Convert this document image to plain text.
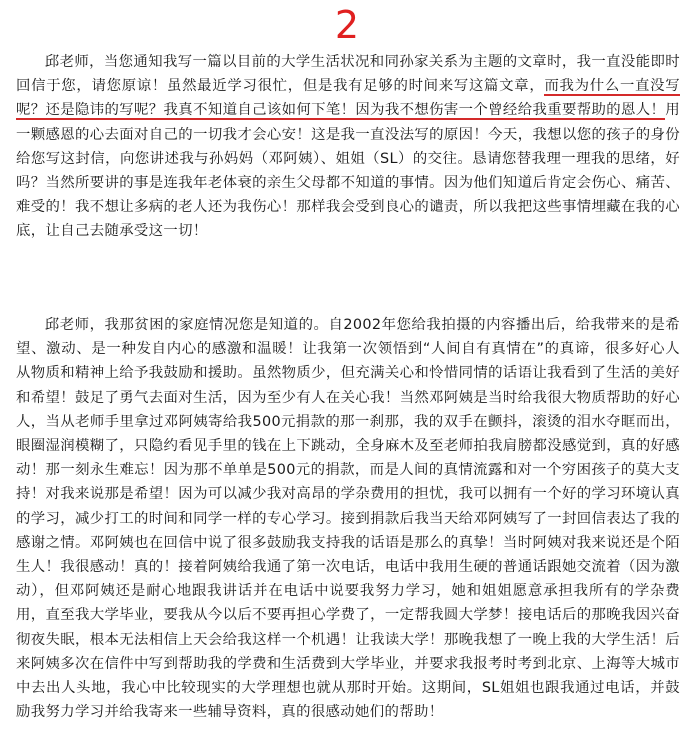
2

邱老师，当您通知我写一篇以目前的大学生活状况和同孙家关系为主题的文章时，我一直没能即时回信于您，请您原谅！虽然最近学习很忙，但是我有足够的时间来写这篇文章，而我为什么一直没写呢？还是隐讳的写呢？我真不知道自己该如何下笔！因为我不想伤害一个曾经给我重要帮助的恩人！用一颗感恩的心去面对自己的一切我才会心安！这是我一直没法写的原因！今天，我想以您的孩子的身份给您写这封信，向您讲述我与孙妈妈（邓阿姨）、姐姐（SL）的交往。恳请您替我理一理我的思绪，好吗？当然所要讲的事是连我年老体衰的亲生父母都不知道的事情。因为他们知道后肯定会伤心、痛苦、难受的！我不想让多病的老人还为我伤心！那样我会受到良心的谴责，所以我把这些事情埋藏在我的心底，让自己去随承受这一切！

邱老师，我那贫困的家庭情况您是知道的。自2002年您给我拍摄的内容播出后，给我带来的是希望、激动、是一种发自内心的感激和温暖！让我第一次领悟到“人间自有真情在”的真谛，很多好心人从物质和精神上给予我鼓励和援助。虽然物质少，但充满关心和怜惜同情的话语让我看到了生活的美好和希望！鼓足了勇气去面对生活，因为至少有人在关心我！当然邓阿姨是当时给我很大物质帮助的好心人，当从老师手里拿过邓阿姨寄给我500元捐款的那一刹那，我的双手在颤抖，滚烫的泪水夺眶而出，眼圈湿润模糊了，只隐约看见手里的钱在上下跳动，全身麻木及至老师拍我肩膀都没感觉到，真的好感动！那一刻永生难忘！因为那不单单是500元的捐款，而是人间的真情流露和对一个穷困孩子的莫大支持！对我来说那是希望！因为可以减少我对高昂的学杂费用的担忧，我可以拥有一个好的学习环境认真的学习，减少打工的时间和同学一样的专心学习。接到捐款后我当天给邓阿姨写了一封回信表达了我的感谢之情。邓阿姨也在回信中说了很多鼓励我支持我的话语是那么的真挚！当时阿姨对我来说还是个陌生人！我很感动！真的！接着阿姨给我通了第一次电话，电话中我用生硬的普通话跟她交流着（因为激动），但邓阿姨还是耐心地跟我讲话并在电话中说要我努力学习，她和姐姐愿意承担我所有的学杂费用，直至我大学毕业，要我从今以后不要再担心学费了，一定帮我圆大学梦！接电话后的那晚我因兴奋彻夜失眠，根本无法相信上天会给我这样一个机遇！让我读大学！那晚我想了一晚上我的大学生活！后来阿姨多次在信件中写到帮助我的学费和生活费到大学毕业，并要求我报考时考到北京、上海等大城市中去出人头地，我心中比较现实的大学理想也就从那时开始。这期间，SL姐姐也跟我通过电话，并鼓励我努力学习并给我寄来一些辅导资料，真的很感动她们的帮助！
